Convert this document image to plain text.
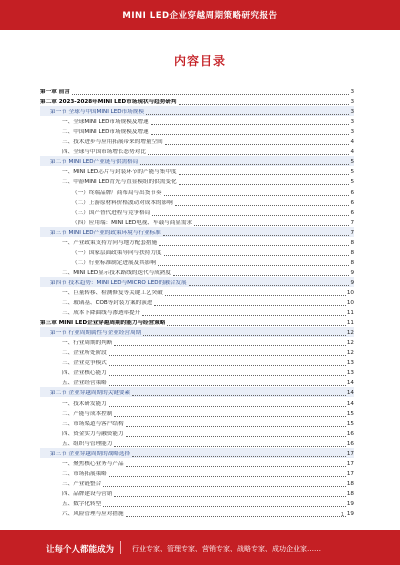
MINI LED企业穿越周期策略研究报告
内容目录
第一章 前言	3
第二章 2023-2028年MINI LED市场现状与趋势研判	3
第一节 全球与中国MINI LED市场规模	3
一、全球MINI LED市场规模及增速	3
二、中国MINI LED市场规模及增速	3
三、技术进步与应用拓展带来的增量空间	4
四、全球与中国市场增长态势对比	4
第二节 MINI LED产业链与供需格局	5
一、MINI LED芯片与封装环节的产能与集中度	5
二、中游MINI LED背光与直显模组的供需变化	5
（一）终端品牌厂商布局与出货节奏	6
（二）上游原材料价格波动对成本的影响	6
（三）国产替代进程与竞争格局	6
（四）应用端：MINI LED电视、车载与商显需求	7
第三节 MINI LED产业的政策环境与行业标准	7
一、产业政策支持方向与地方配套措施	8
（一）国家层面政策导向与扶持力度	8
（二）行业标准制定进展及其影响	8
二、MINI LED显示技术路线的迭代与成熟度	9
第四节 技术趋势：MINI LED与MICRO LED的融合发展	9
一、巨量转移、检测修复等关键工艺突破	10
二、玻璃基、COB等封装方案的演进	10
三、成本下降曲线与渗透率提升	11
第三章 MINI LED企业穿越周期的能力与经营策略	11
第一节 行业周期属性与企业经营周期	12
一、行业周期的判断	12
二、企业所处阶段	12
三、企业竞争模式	13
四、企业核心能力	13
五、企业经营策略	14
第二节 企业穿越周期的关键要素	14
一、技术研发能力	14
二、产能与成本控制	15
三、市场渠道与客户结构	15
四、资金实力与融资能力	16
五、组织与管理能力	16
第三节 企业穿越周期的战略选择	17
一、聚焦核心业务与产品	17
二、市场拓展策略	17
三、产业链整合	18
四、品牌建设与营销	18
五、数字化转型	19
六、风险管理与应对措施	19
1
让每个人都能成为	行业专家、管理专家、营销专家、战略专家、成功企业家……
